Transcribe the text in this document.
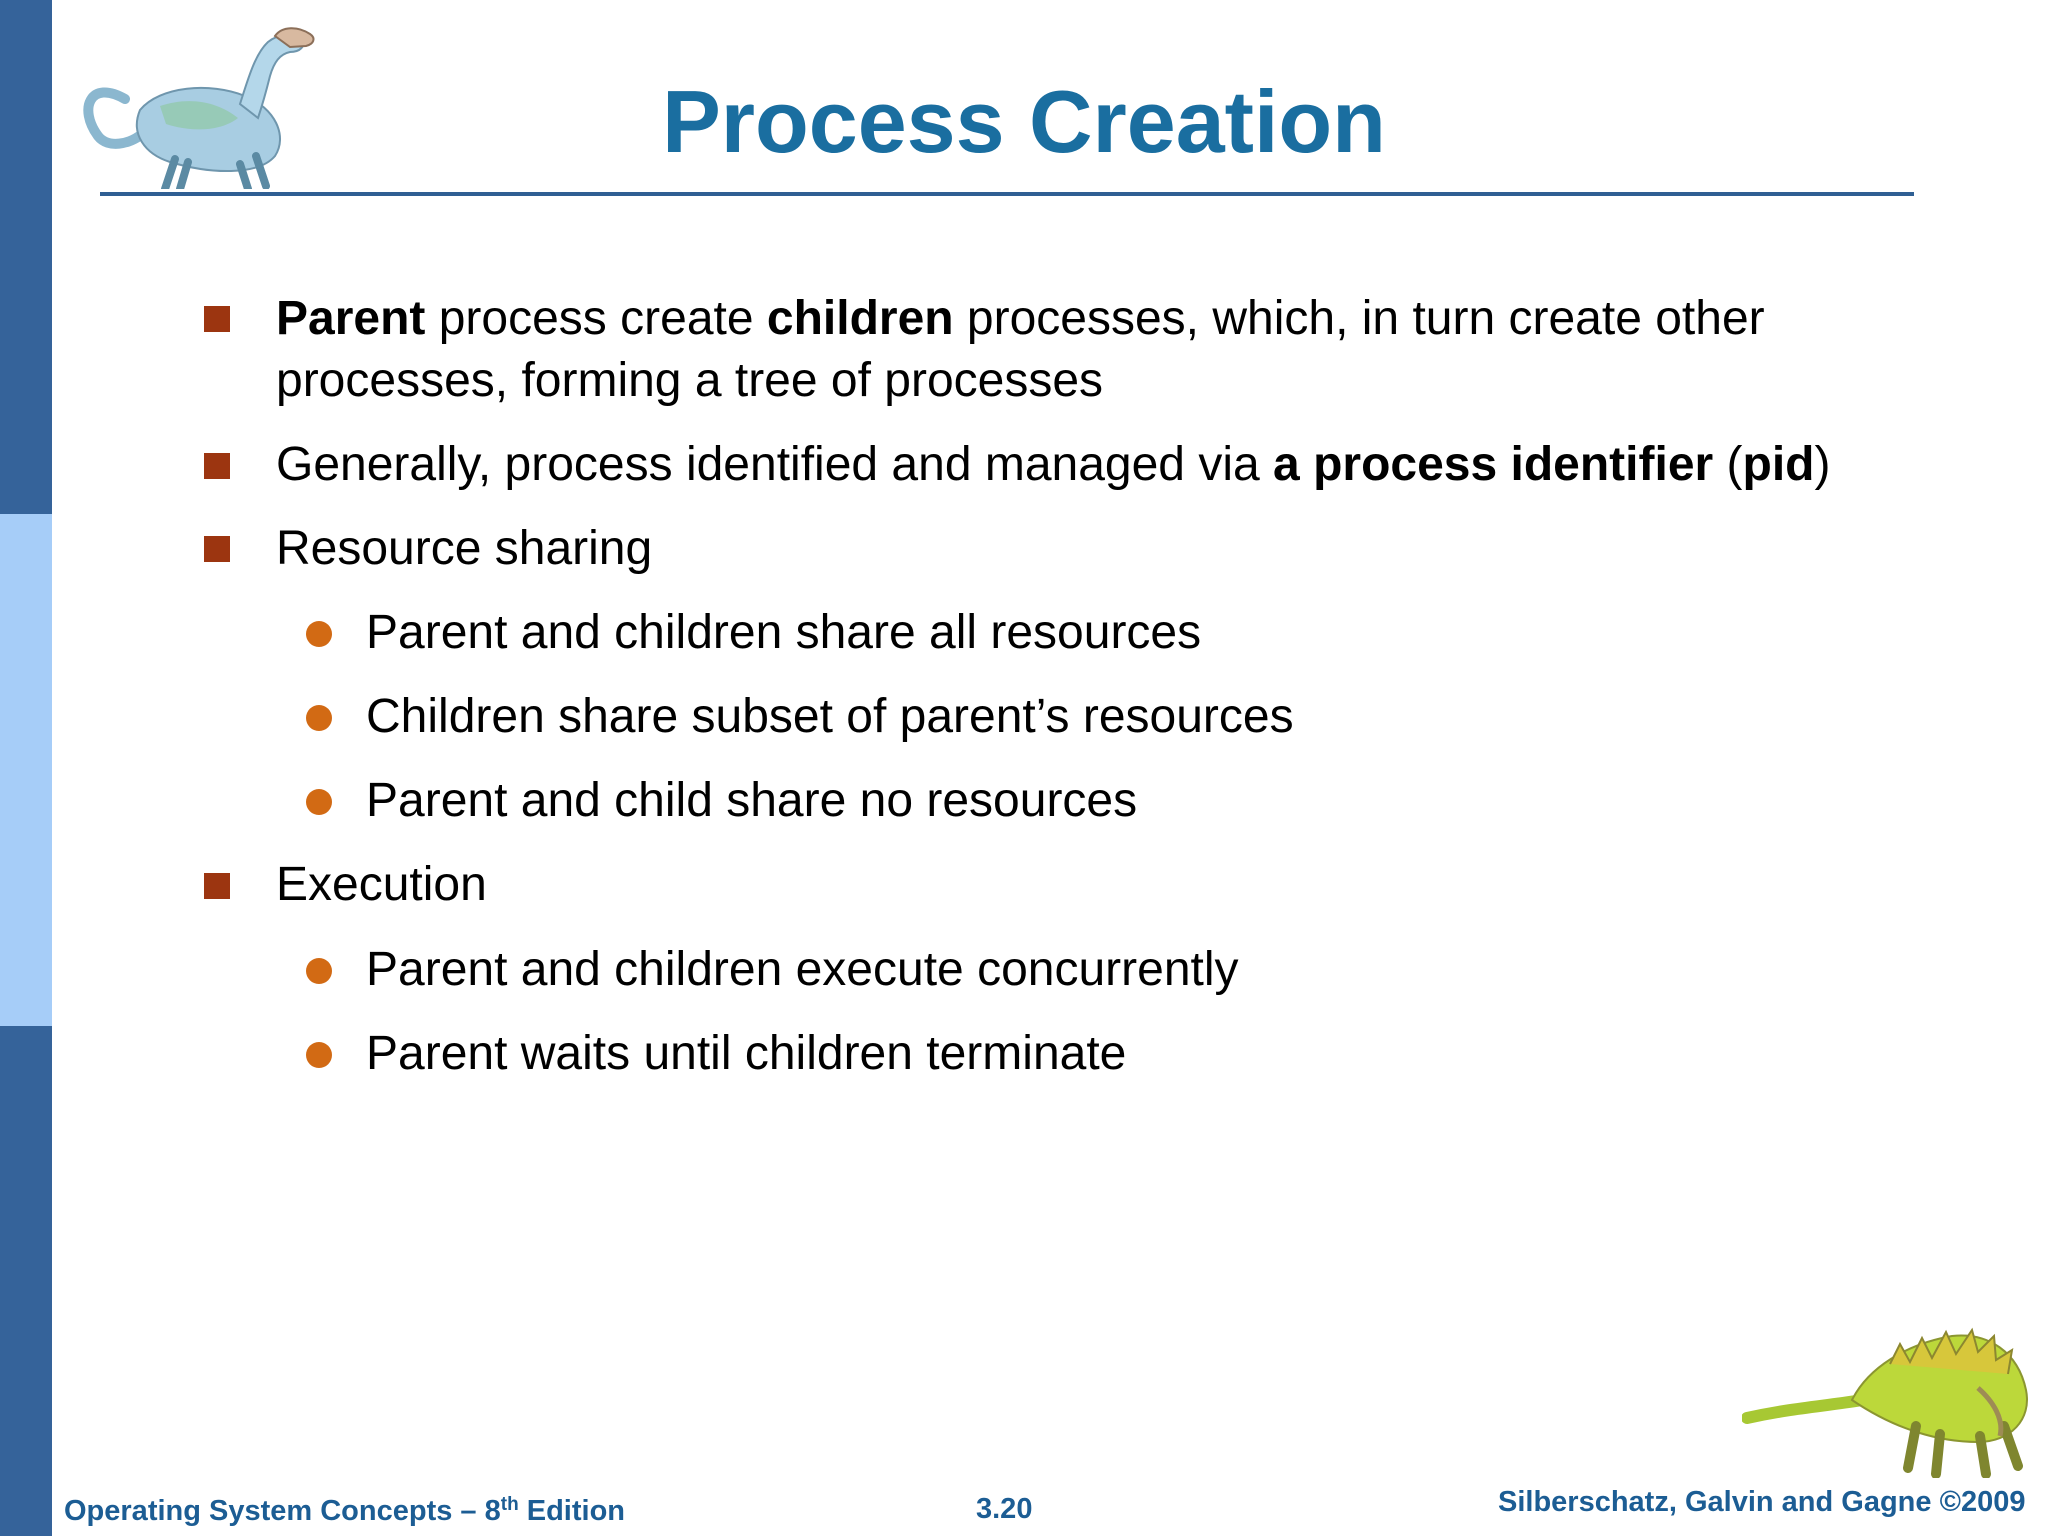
Process Creation
Parent process create children processes, which, in turn create other
processes, forming a tree of processes
Generally, process identified and managed via a process identifier (pid)
Resource sharing
Parent and children share all resources
Children share subset of parent’s resources
Parent and child share no resources
Execution
Parent and children execute concurrently
Parent waits until children terminate
Operating System Concepts – 8th Edition	3.20	Silberschatz, Galvin and Gagne ©2009
